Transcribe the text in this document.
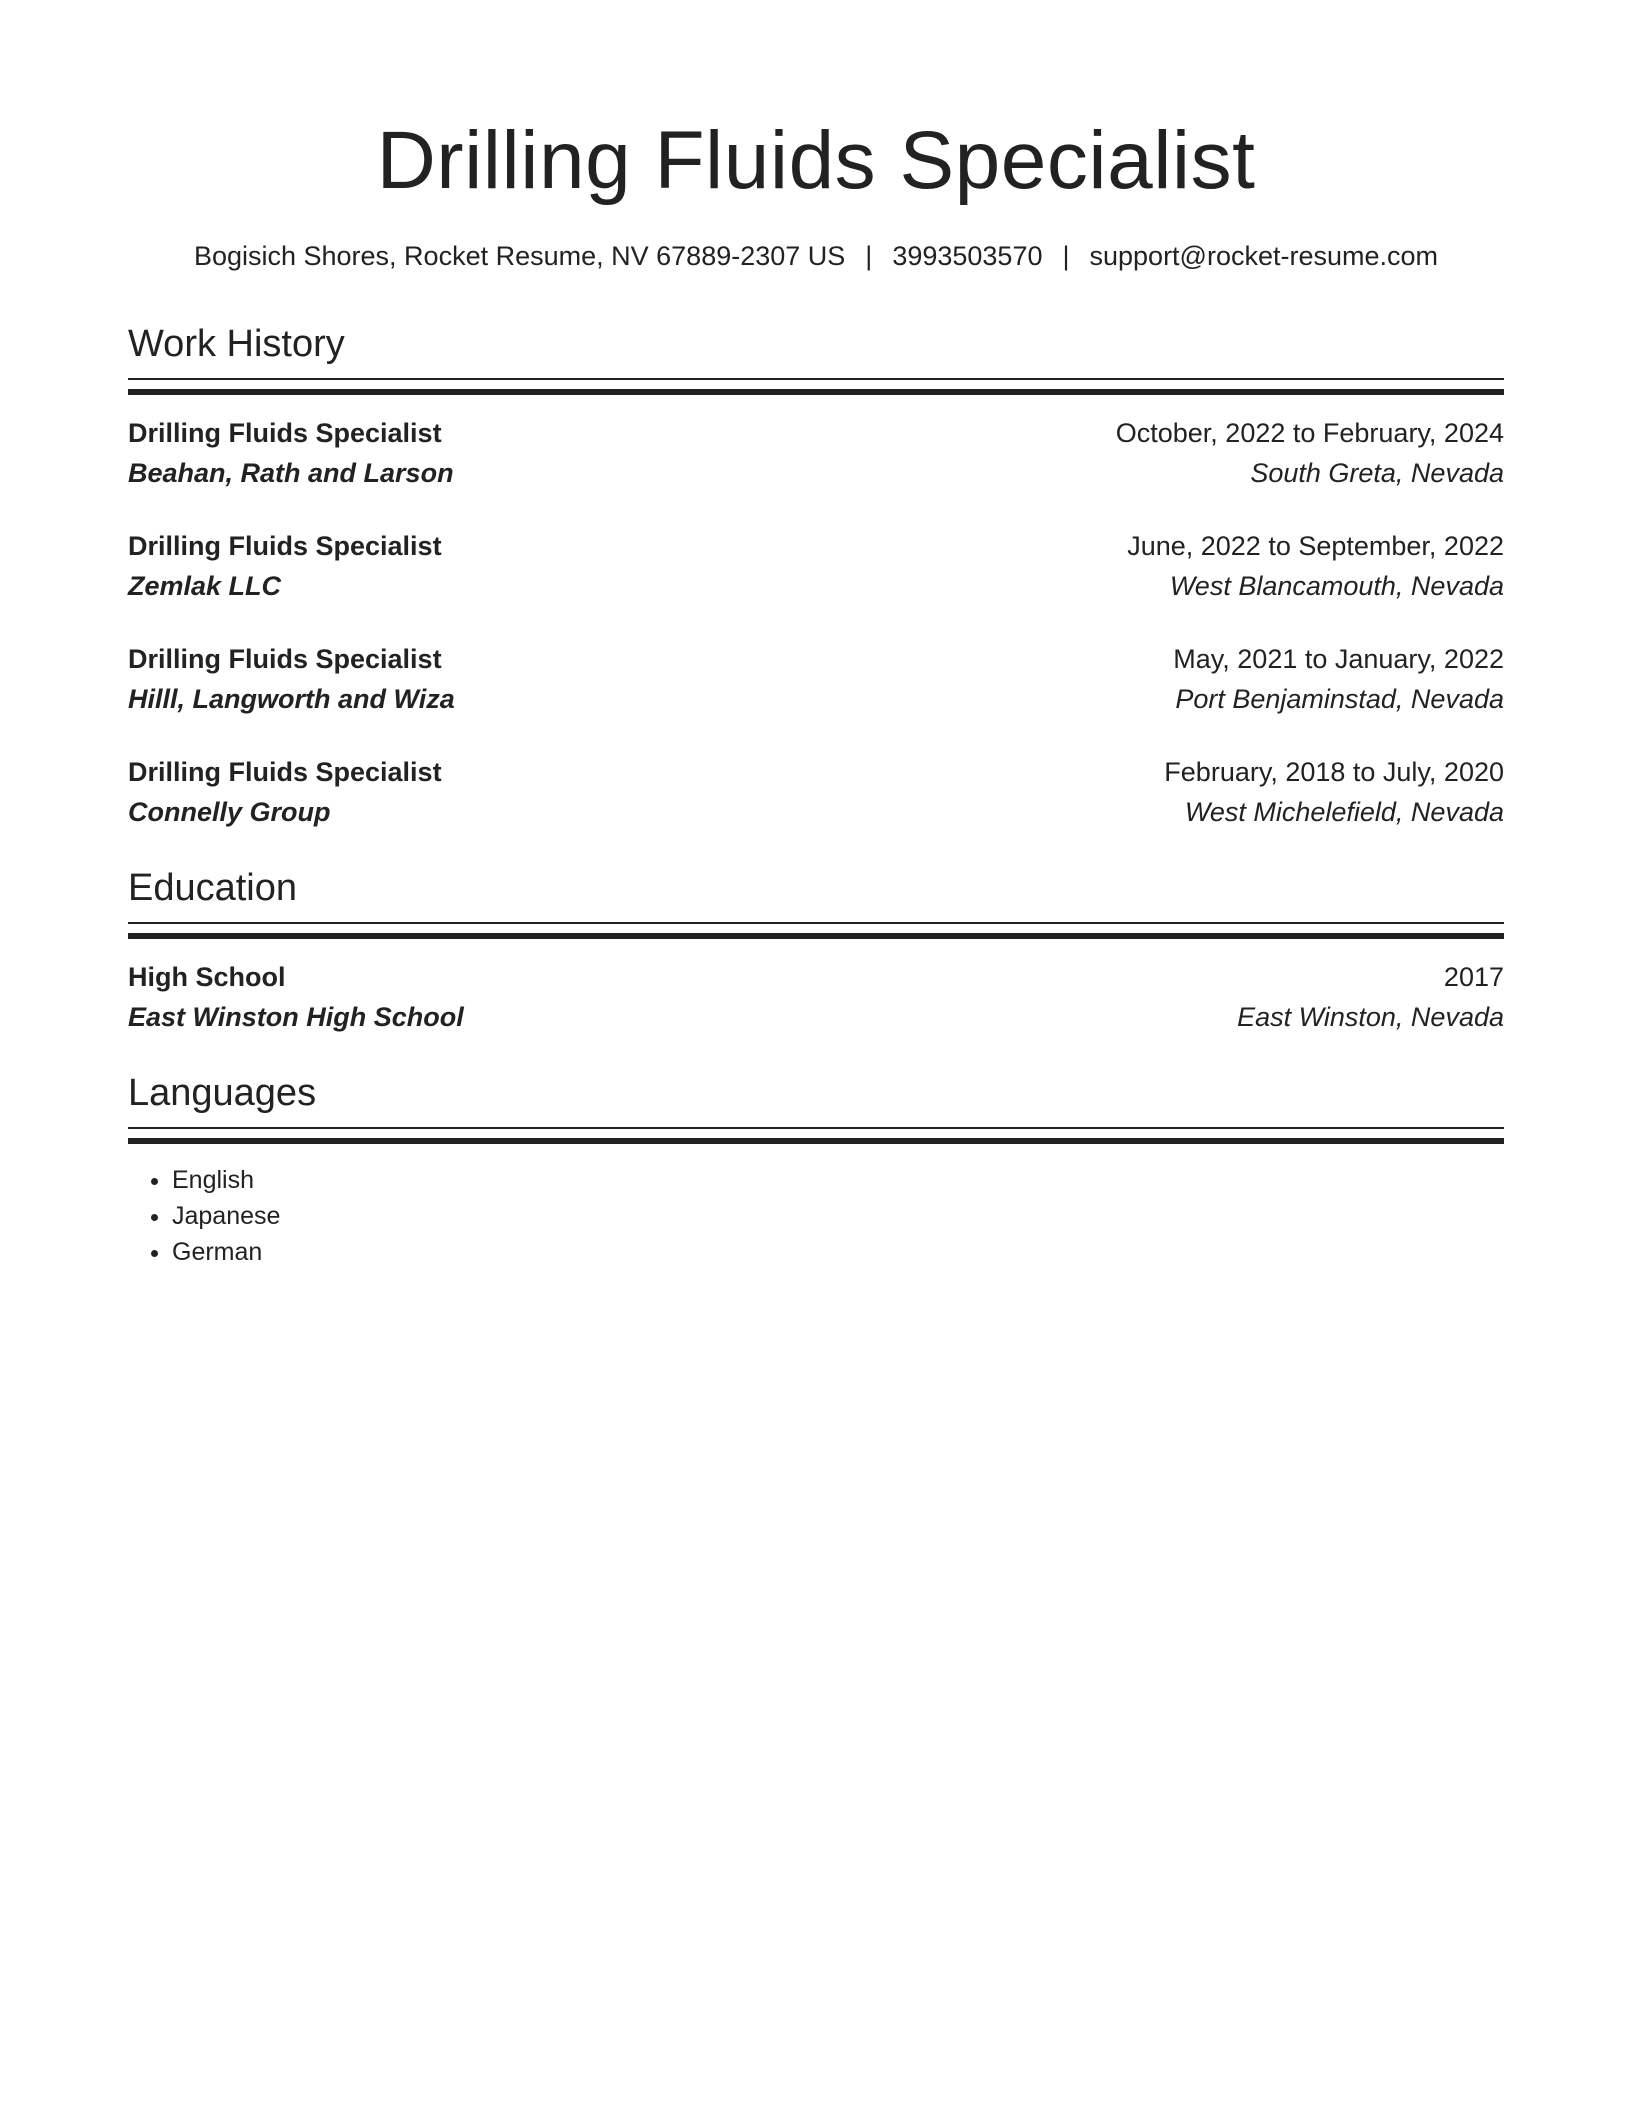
Drilling Fluids Specialist
Bogisich Shores, Rocket Resume, NV 67889-2307 US | 3993503570 | support@rocket-resume.com
Work History
Drilling Fluids Specialist	October, 2022 to February, 2024
Beahan, Rath and Larson	South Greta, Nevada
Drilling Fluids Specialist	June, 2022 to September, 2022
Zemlak LLC	West Blancamouth, Nevada
Drilling Fluids Specialist	May, 2021 to January, 2022
Hilll, Langworth and Wiza	Port Benjaminstad, Nevada
Drilling Fluids Specialist	February, 2018 to July, 2020
Connelly Group	West Michelefield, Nevada
Education
High School	2017
East Winston High School	East Winston, Nevada
Languages
• English
• Japanese
• German
